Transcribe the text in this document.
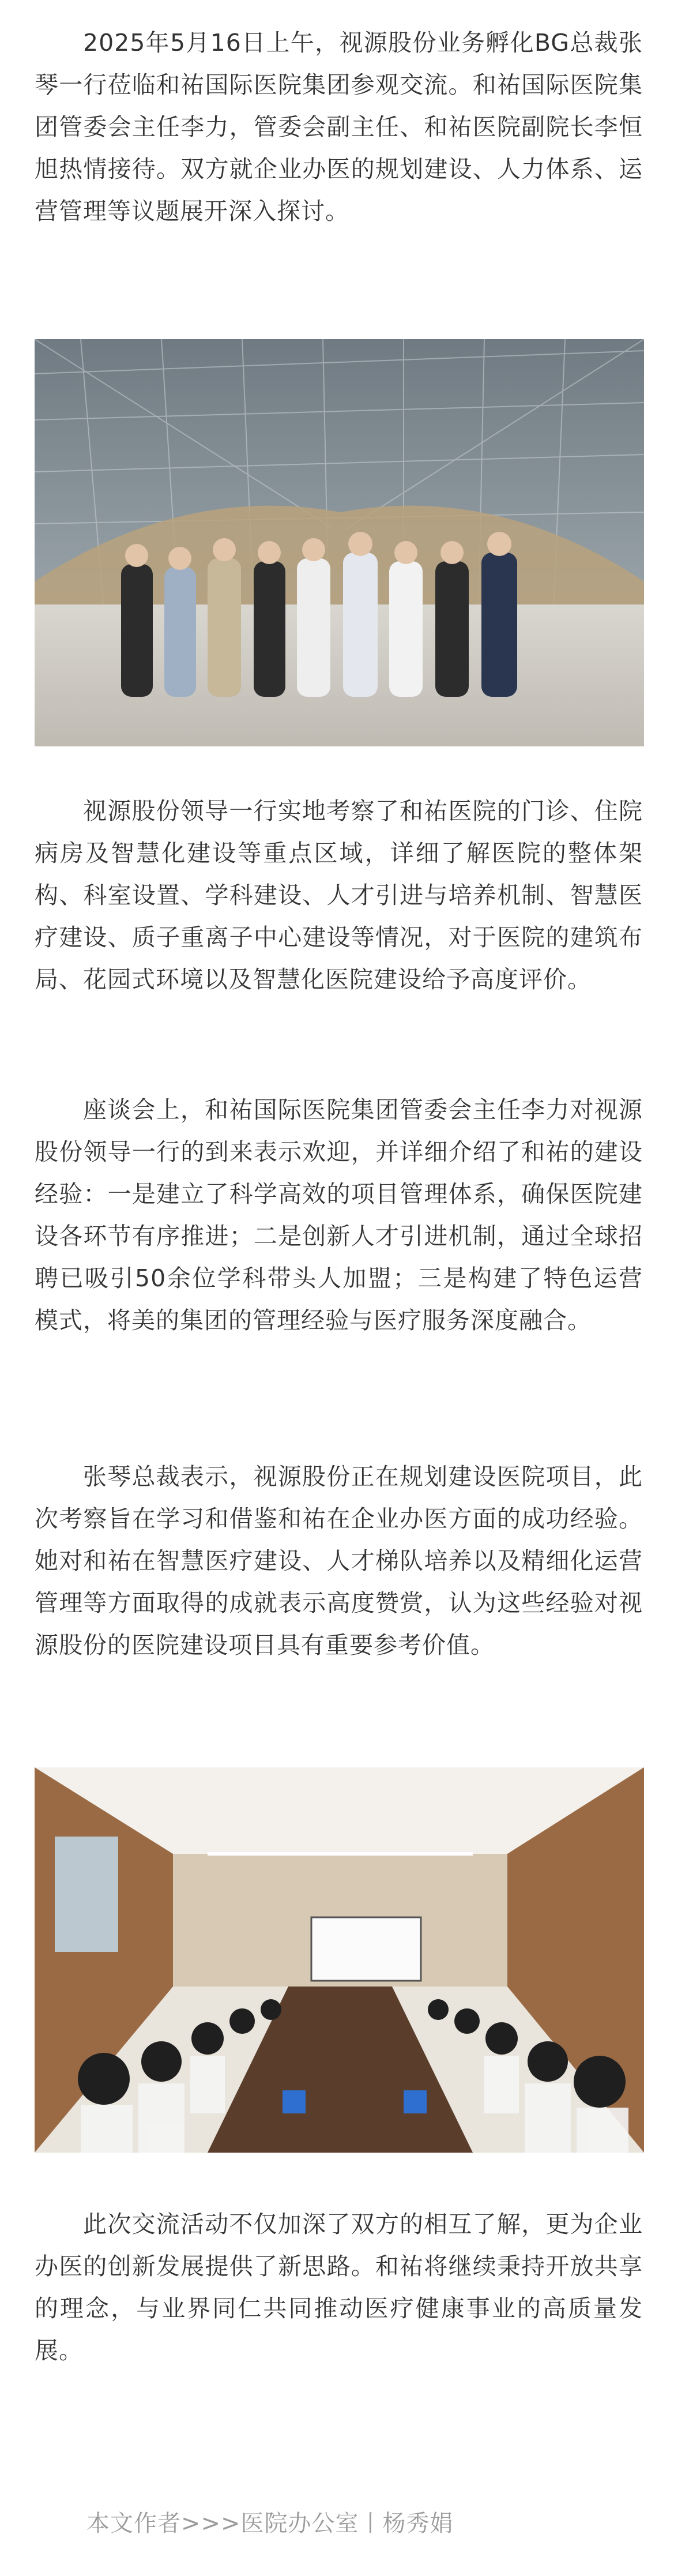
2025年5月16日上午，视源股份业务孵化BG总裁张琴一行莅临和祐国际医院集团参观交流。和祐国际医院集团管委会主任李力，管委会副主任、和祐医院副院长李恒旭热情接待。双方就企业办医的规划建设、人力体系、运营管理等议题展开深入探讨。

视源股份领导一行实地考察了和祐医院的门诊、住院病房及智慧化建设等重点区域，详细了解医院的整体架构、科室设置、学科建设、人才引进与培养机制、智慧医疗建设、质子重离子中心建设等情况，对于医院的建筑布局、花园式环境以及智慧化医院建设给予高度评价。

座谈会上，和祐国际医院集团管委会主任李力对视源股份领导一行的到来表示欢迎，并详细介绍了和祐的建设经验：一是建立了科学高效的项目管理体系，确保医院建设各环节有序推进；二是创新人才引进机制，通过全球招聘已吸引50余位学科带头人加盟；三是构建了特色运营模式，将美的集团的管理经验与医疗服务深度融合。

张琴总裁表示，视源股份正在规划建设医院项目，此次考察旨在学习和借鉴和祐在企业办医方面的成功经验。她对和祐在智慧医疗建设、人才梯队培养以及精细化运营管理等方面取得的成就表示高度赞赏，认为这些经验对视源股份的医院建设项目具有重要参考价值。

此次交流活动不仅加深了双方的相互了解，更为企业办医的创新发展提供了新思路。和祐将继续秉持开放共享的理念，与业界同仁共同推动医疗健康事业的高质量发展。

本文作者>>>医院办公室丨杨秀娟
